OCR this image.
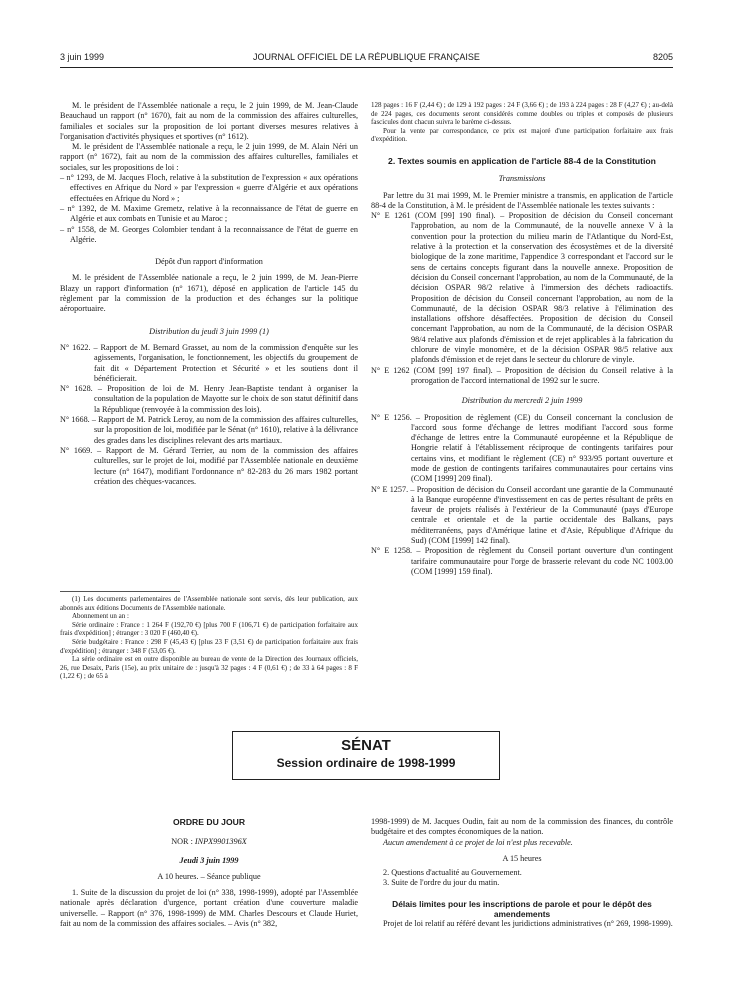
3 juin 1999	JOURNAL OFFICIEL DE LA RÉPUBLIQUE FRANÇAISE	8205

M. le président de l'Assemblée nationale a reçu, le 2 juin 1999, de M. Jean-Claude Beauchaud un rapport (n° 1670), fait au nom de la commission des affaires culturelles, familiales et sociales sur la proposition de loi portant diverses mesures relatives à l'organisation d'activités physiques et sportives (n° 1612).

M. le président de l'Assemblée nationale a reçu, le 2 juin 1999, de M. Alain Néri un rapport (n° 1672), fait au nom de la commission des affaires culturelles, familiales et sociales, sur les propositions de loi :

– n° 1293, de M. Jacques Floch, relative à la substitution de l'expression « aux opérations effectives en Afrique du Nord » par l'expression « guerre d'Algérie et aux opérations effectuées en Afrique du Nord » ;

– n° 1392, de M. Maxime Gremetz, relative à la reconnaissance de l'état de guerre en Algérie et aux combats en Tunisie et au Maroc ;

– n° 1558, de M. Georges Colombier tendant à la reconnaissance de l'état de guerre en Algérie.

Dépôt d'un rapport d'information

M. le président de l'Assemblée nationale a reçu, le 2 juin 1999, de M. Jean-Pierre Blazy un rapport d'information (n° 1671), déposé en application de l'article 145 du règlement par la commission de la production et des échanges sur la politique aéroportuaire.

Distribution du jeudi 3 juin 1999 (1)

N° 1622. – Rapport de M. Bernard Grasset, au nom de la commission d'enquête sur les agissements, l'organisation, le fonctionnement, les objectifs du groupement de fait dit « Département Protection et Sécurité » et les soutiens dont il bénéficierait.

N° 1628. – Proposition de loi de M. Henry Jean-Baptiste tendant à organiser la consultation de la population de Mayotte sur le choix de son statut définitif dans la République (renvoyée à la commission des lois).

N° 1668. – Rapport de M. Patrick Leroy, au nom de la commission des affaires culturelles, sur la proposition de loi, modifiée par le Sénat (n° 1610), relative à la délivrance des grades dans les disciplines relevant des arts martiaux.

N° 1669. – Rapport de M. Gérard Terrier, au nom de la commission des affaires culturelles, sur le projet de loi, modifié par l'Assemblée nationale en deuxième lecture (n° 1647), modifiant l'ordonnance n° 82-283 du 26 mars 1982 portant création des chèques-vacances.

(1) Les documents parlementaires de l'Assemblée nationale sont servis, dès leur publication, aux abonnés aux éditions Documents de l'Assemblée nationale.

Abonnement un an :

Série ordinaire : France : 1 264 F (192,70 €) [plus 700 F (106,71 €) de participation forfaitaire aux frais d'expédition] ; étranger : 3 020 F (460,40 €).

Série budgétaire : France : 298 F (45,43 €) [plus 23 F (3,51 €) de participation forfaitaire aux frais d'expédition] ; étranger : 348 F (53,05 €).

La série ordinaire est en outre disponible au bureau de vente de la Direction des Journaux officiels, 26, rue Desaix, Paris (15e), au prix unitaire de : jusqu'à 32 pages : 4 F (0,61 €) ; de 33 à 64 pages : 8 F (1,22 €) ; de 65 à

128 pages : 16 F (2,44 €) ; de 129 à 192 pages : 24 F (3,66 €) ; de 193 à 224 pages : 28 F (4,27 €) ; au-delà de 224 pages, ces documents seront considérés comme doubles ou triples et composés de plusieurs fascicules dont chacun suivra le barème ci-dessus.

Pour la vente par correspondance, ce prix est majoré d'une participation forfaitaire aux frais d'expédition.

2. Textes soumis en application de l'article 88-4 de la Constitution

Transmissions

Par lettre du 31 mai 1999, M. le Premier ministre a transmis, en application de l'article 88-4 de la Constitution, à M. le président de l'Assemblée nationale les textes suivants :

N° E 1261 (COM [99] 190 final). – Proposition de décision du Conseil concernant l'approbation, au nom de la Communauté, de la nouvelle annexe V à la convention pour la protection du milieu marin de l'Atlantique du Nord-Est, relative à la protection et la conservation des écosystèmes et de la diversité biologique de la zone maritime, l'appendice 3 correspondant et l'accord sur le sens de certains concepts figurant dans la nouvelle annexe. Proposition de décision du Conseil concernant l'approbation, au nom de la Communauté, de la décision OSPAR 98/2 relative à l'immersion des déchets radioactifs. Proposition de décision du Conseil concernant l'approbation, au nom de la Communauté, de la décision OSPAR 98/3 relative à l'élimination des installations offshore désaffectées. Proposition de décision du Conseil concernant l'approbation, au nom de la Communauté, de la décision OSPAR 98/4 relative aux plafonds d'émission et de rejet applicables à la fabrication du chlorure de vinyle monomère, et de la décision OSPAR 98/5 relative aux plafonds d'émission et de rejet dans le secteur du chlorure de vinyle.

N° E 1262 (COM [99] 197 final). – Proposition de décision du Conseil relative à la prorogation de l'accord international de 1992 sur le sucre.

Distribution du mercredi 2 juin 1999

N° E 1256. – Proposition de règlement (CE) du Conseil concernant la conclusion de l'accord sous forme d'échange de lettres modifiant l'accord sous forme d'échange de lettres entre la Communauté européenne et la République de Hongrie relatif à l'établissement réciproque de contingents tarifaires pour certains vins, et modifiant le règlement (CE) n° 933/95 portant ouverture et mode de gestion de contingents tarifaires communautaires pour certains vins (COM [1999] 209 final).

N° E 1257. – Proposition de décision du Conseil accordant une garantie de la Communauté à la Banque européenne d'investissement en cas de pertes résultant de prêts en faveur de projets réalisés à l'extérieur de la Communauté (pays d'Europe centrale et orientale et de la partie occidentale des Balkans, pays méditerranéens, pays d'Amérique latine et d'Asie, République d'Afrique du Sud) (COM [1999] 142 final).

N° E 1258. – Proposition de règlement du Conseil portant ouverture d'un contingent tarifaire communautaire pour l'orge de brasserie relevant du code NC 1003.00 (COM [1999] 159 final).

SÉNAT
Session ordinaire de 1998-1999

ORDRE DU JOUR

NOR : INPX9901396X

Jeudi 3 juin 1999

A 10 heures. – Séance publique

1. Suite de la discussion du projet de loi (n° 338, 1998-1999), adopté par l'Assemblée nationale après déclaration d'urgence, portant création d'une couverture maladie universelle. – Rapport (n° 376, 1998-1999) de MM. Charles Descours et Claude Huriet, fait au nom de la commission des affaires sociales. – Avis (n° 382,

1998-1999) de M. Jacques Oudin, fait au nom de la commission des finances, du contrôle budgétaire et des comptes économiques de la nation.

Aucun amendement à ce projet de loi n'est plus recevable.

A 15 heures

2. Questions d'actualité au Gouvernement.

3. Suite de l'ordre du jour du matin.

Délais limites pour les inscriptions de parole et pour le dépôt des amendements

Projet de loi relatif au référé devant les juridictions administratives (n° 269, 1998-1999).
